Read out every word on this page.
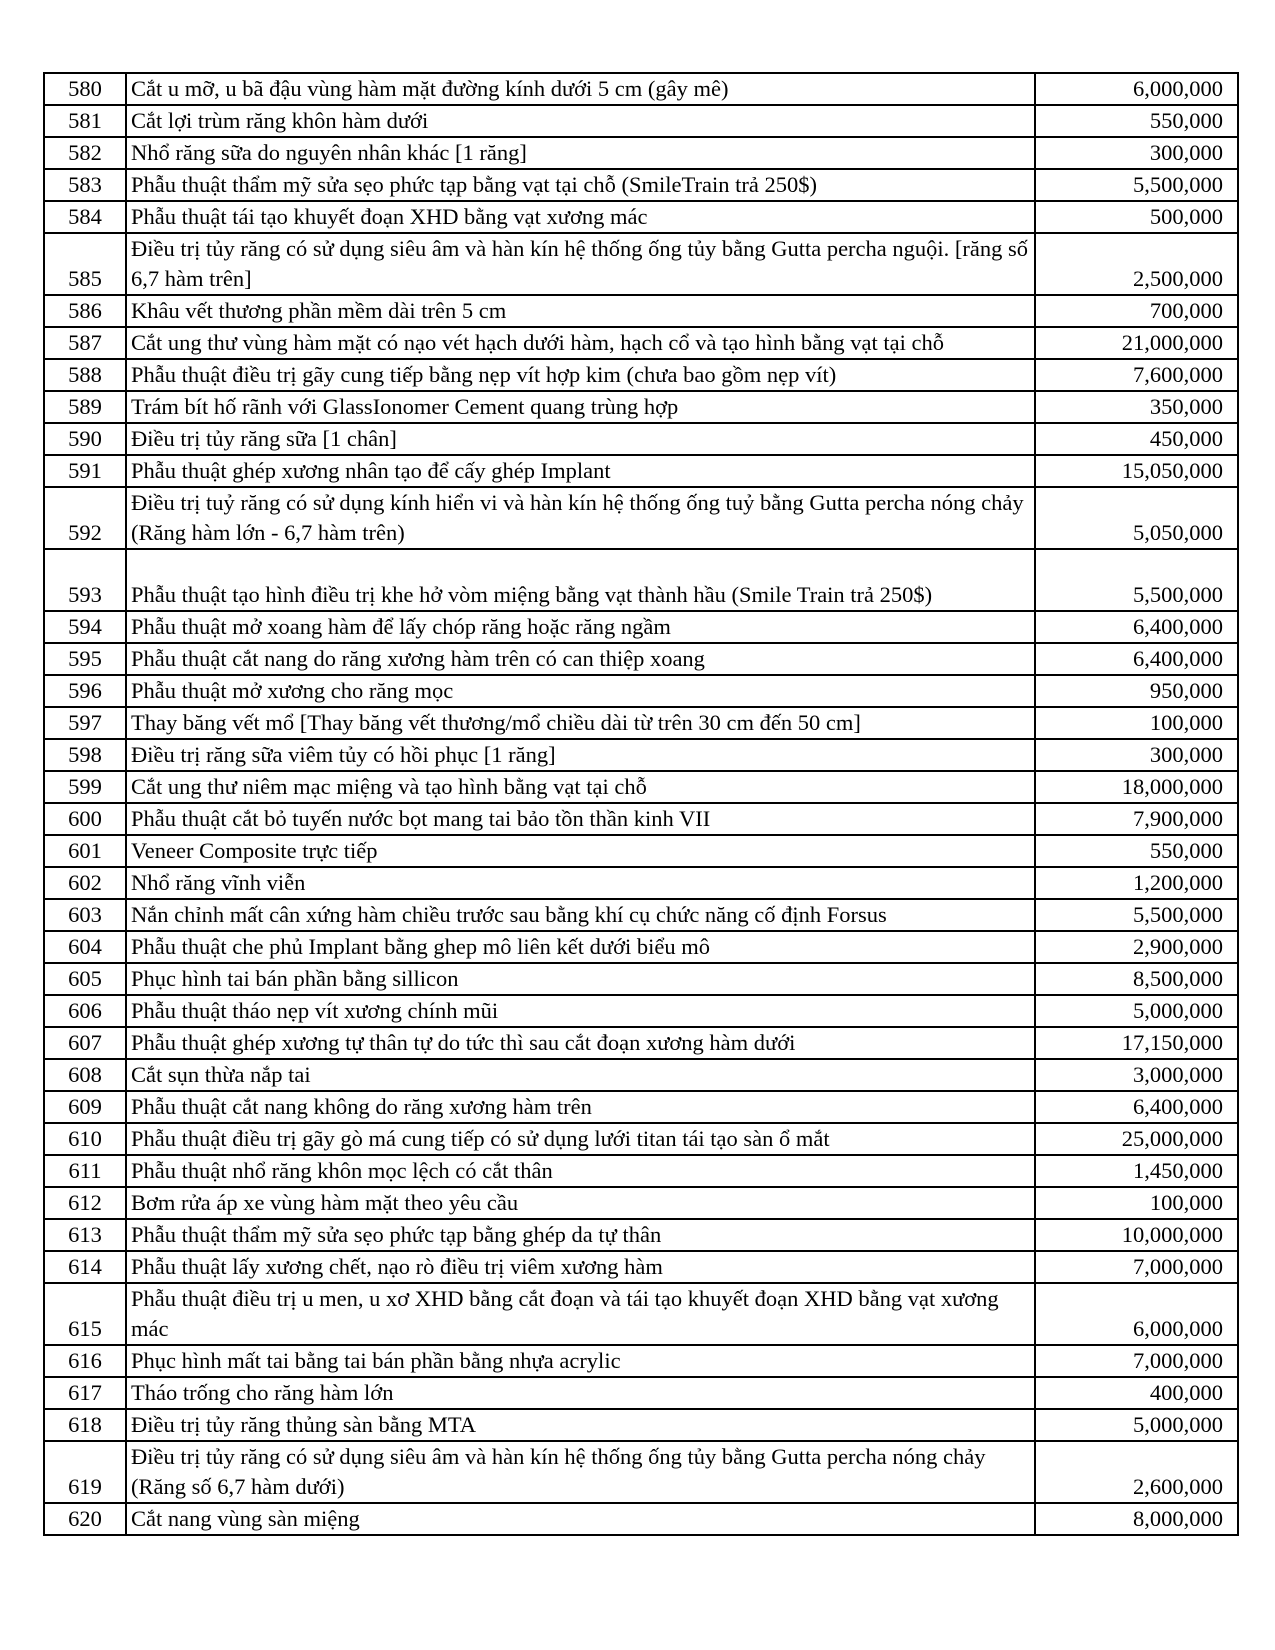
580	Cắt u mỡ, u bã đậu vùng hàm mặt đường kính dưới 5 cm (gây mê)	6,000,000
581	Cắt lợi trùm răng khôn hàm dưới	550,000
582	Nhổ răng sữa do nguyên nhân khác [1 răng]	300,000
583	Phẫu thuật thẩm mỹ sửa sẹo phức tạp bằng vạt tại chỗ (SmileTrain trả 250$)	5,500,000
584	Phẫu thuật tái tạo khuyết đoạn XHD bằng vạt xương mác	500,000
585	Điều trị tủy răng có sử dụng siêu âm và hàn kín hệ thống ống tủy bằng Gutta percha nguội. [răng số 6,7 hàm trên]	2,500,000
586	Khâu vết thương phần mềm dài trên 5 cm	700,000
587	Cắt ung thư vùng hàm mặt có nạo vét hạch dưới hàm, hạch cổ và tạo hình bằng vạt tại chỗ	21,000,000
588	Phẫu thuật điều trị gãy cung tiếp bằng nẹp vít hợp kim (chưa bao gồm nẹp vít)	7,600,000
589	Trám bít hố rãnh với GlassIonomer Cement quang trùng hợp	350,000
590	Điều trị tủy răng sữa [1 chân]	450,000
591	Phẫu thuật ghép xương nhân tạo để cấy ghép Implant	15,050,000
592	Điều trị tuỷ răng có sử dụng kính hiển vi và hàn kín hệ thống ống tuỷ bằng Gutta percha nóng chảy (Răng hàm lớn - 6,7 hàm trên)	5,050,000
593	Phẫu thuật tạo hình điều trị khe hở vòm miệng bằng vạt thành hầu (Smile Train trả 250$)	5,500,000
594	Phẫu thuật mở xoang hàm để lấy chóp răng hoặc răng ngầm	6,400,000
595	Phẫu thuật cắt nang do răng xương hàm trên có can thiệp xoang	6,400,000
596	Phẫu thuật mở xương cho răng mọc	950,000
597	Thay băng vết mổ [Thay băng vết thương/mổ chiều dài từ trên 30 cm đến 50 cm]	100,000
598	Điều trị răng sữa viêm tủy có hồi phục [1 răng]	300,000
599	Cắt ung thư niêm mạc miệng và tạo hình bằng vạt tại chỗ	18,000,000
600	Phẫu thuật cắt bỏ tuyến nước bọt mang tai bảo tồn thần kinh VII	7,900,000
601	Veneer Composite trực tiếp	550,000
602	Nhổ răng vĩnh viễn	1,200,000
603	Nắn chỉnh mất cân xứng hàm chiều trước sau bằng khí cụ chức năng cố định Forsus	5,500,000
604	Phẫu thuật che phủ Implant bằng ghep mô liên kết dưới biểu mô	2,900,000
605	Phục hình tai bán phần bằng sillicon	8,500,000
606	Phẫu thuật tháo nẹp vít xương chính mũi	5,000,000
607	Phẫu thuật ghép xương tự thân tự do tức thì sau cắt đoạn xương hàm dưới	17,150,000
608	Cắt sụn thừa nắp tai	3,000,000
609	Phẫu thuật cắt nang không do răng xương hàm trên	6,400,000
610	Phẫu thuật điều trị gãy gò má cung tiếp có sử dụng lưới titan tái tạo sàn ổ mắt	25,000,000
611	Phẫu thuật nhổ răng khôn mọc lệch có cắt thân	1,450,000
612	Bơm rửa áp xe vùng hàm mặt theo yêu cầu	100,000
613	Phẫu thuật thẩm mỹ sửa sẹo phức tạp bằng ghép da tự thân	10,000,000
614	Phẫu thuật lấy xương chết, nạo rò điều trị viêm xương hàm	7,000,000
615	Phẫu thuật điều trị u men, u xơ XHD bằng cắt đoạn và tái tạo khuyết đoạn XHD bằng vạt xương mác	6,000,000
616	Phục hình mất tai bằng tai bán phần bằng nhựa acrylic	7,000,000
617	Tháo trống cho răng hàm lớn	400,000
618	Điều trị tủy răng thủng sàn bằng MTA	5,000,000
619	Điều trị tủy răng có sử dụng siêu âm và hàn kín hệ thống ống tủy bằng Gutta percha nóng chảy (Răng số 6,7 hàm dưới)	2,600,000
620	Cắt nang vùng sàn miệng	8,000,000
